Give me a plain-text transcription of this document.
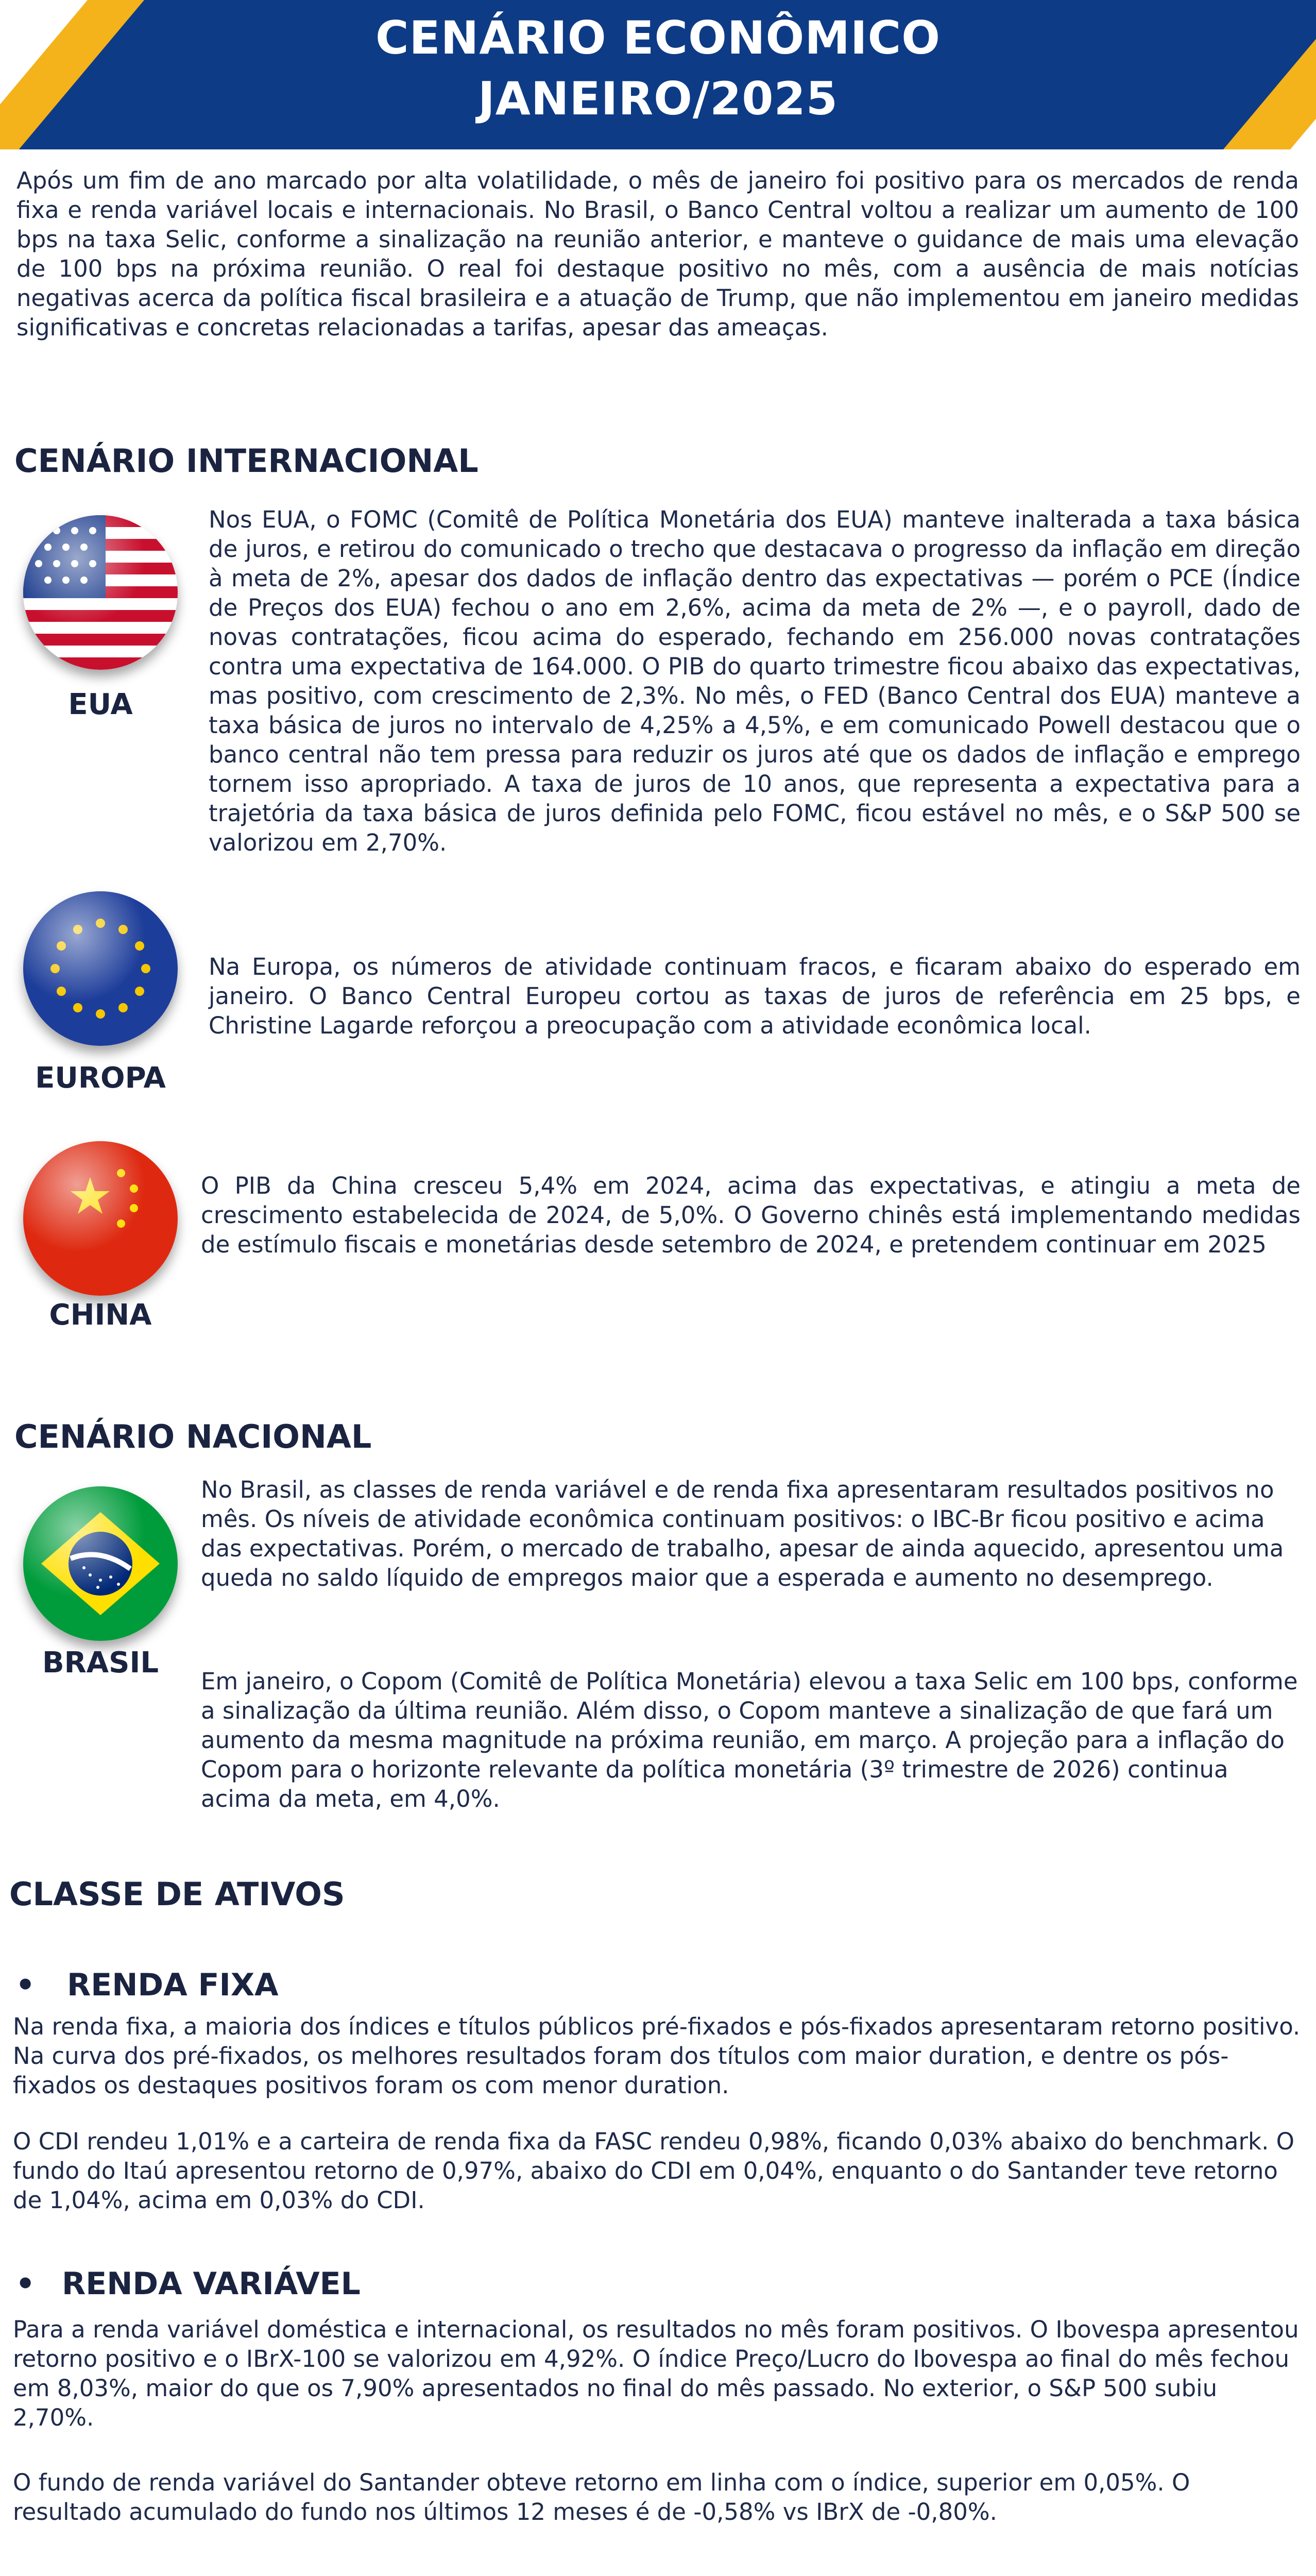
CENÁRIO ECONÔMICO
JANEIRO/2025

Após um fim de ano marcado por alta volatilidade, o mês de janeiro foi positivo para os mercados de renda fixa e renda variável locais e internacionais. No Brasil, o Banco Central voltou a realizar um aumento de 100 bps na taxa Selic, conforme a sinalização na reunião anterior, e manteve o guidance de mais uma elevação de 100 bps na próxima reunião. O real foi destaque positivo no mês, com a ausência de mais notícias negativas acerca da política fiscal brasileira e a atuação de Trump, que não implementou em janeiro medidas significativas e concretas relacionadas a tarifas, apesar das ameaças.

CENÁRIO INTERNACIONAL
EUA

Nos EUA, o FOMC (Comitê de Política Monetária dos EUA) manteve inalterada a taxa básica de juros, e retirou do comunicado o trecho que destacava o progresso da inflação em direção à meta de 2%, apesar dos dados de inflação dentro das expectativas — porém o PCE (Índice de Preços dos EUA) fechou o ano em 2,6%, acima da meta de 2% —, e o payroll, dado de novas contratações, ficou acima do esperado, fechando em 256.000 novas contratações contra uma expectativa de 164.000. O PIB do quarto trimestre ficou abaixo das expectativas, mas positivo, com crescimento de 2,3%. No mês, o FED (Banco Central dos EUA) manteve a taxa básica de juros no intervalo de 4,25% a 4,5%, e em comunicado Powell destacou que o banco central não tem pressa para reduzir os juros até que os dados de inflação e emprego tornem isso apropriado. A taxa de juros de 10 anos, que representa a expectativa para a trajetória da taxa básica de juros definida pelo FOMC, ficou estável no mês, e o S&P 500 se valorizou em 2,70%.

EUROPA

Na Europa, os números de atividade continuam fracos, e ficaram abaixo do esperado em janeiro. O Banco Central Europeu cortou as taxas de juros de referência em 25 bps, e Christine Lagarde reforçou a preocupação com a atividade econômica local.

CHINA

O PIB da China cresceu 5,4% em 2024, acima das expectativas, e atingiu a meta de crescimento estabelecida de 2024, de 5,0%. O Governo chinês está implementando medidas de estímulo fiscais e monetárias desde setembro de 2024, e pretendem continuar em 2025

CENÁRIO NACIONAL
BRASIL

No Brasil, as classes de renda variável e de renda fixa apresentaram resultados positivos no mês. Os níveis de atividade econômica continuam positivos: o IBC-Br ficou positivo e acima das expectativas. Porém, o mercado de trabalho, apesar de ainda aquecido, apresentou uma queda no saldo líquido de empregos maior que a esperada e aumento no desemprego.

Em janeiro, o Copom (Comitê de Política Monetária) elevou a taxa Selic em 100 bps, conforme a sinalização da última reunião. Além disso, o Copom manteve a sinalização de que fará um aumento da mesma magnitude na próxima reunião, em março. A projeção para a inflação do Copom para o horizonte relevante da política monetária (3º trimestre de 2026) continua acima da meta, em 4,0%.

CLASSE DE ATIVOS
• RENDA FIXA

Na renda fixa, a maioria dos índices e títulos públicos pré-fixados e pós-fixados apresentaram retorno positivo. Na curva dos pré-fixados, os melhores resultados foram dos títulos com maior duration, e dentre os pós-fixados os destaques positivos foram os com menor duration.

O CDI rendeu 1,01% e a carteira de renda fixa da FASC rendeu 0,98%, ficando 0,03% abaixo do benchmark. O fundo do Itaú apresentou retorno de 0,97%, abaixo do CDI em 0,04%, enquanto o do Santander teve retorno de 1,04%, acima em 0,03% do CDI.

• RENDA VARIÁVEL

Para a renda variável doméstica e internacional, os resultados no mês foram positivos. O Ibovespa apresentou retorno positivo e o IBrX-100 se valorizou em 4,92%. O índice Preço/Lucro do Ibovespa ao final do mês fechou em 8,03%, maior do que os 7,90% apresentados no final do mês passado. No exterior, o S&P 500 subiu 2,70%.

O fundo de renda variável do Santander obteve retorno em linha com o índice, superior em 0,05%. O resultado acumulado do fundo nos últimos 12 meses é de -0,58% vs IBrX de -0,80%.
